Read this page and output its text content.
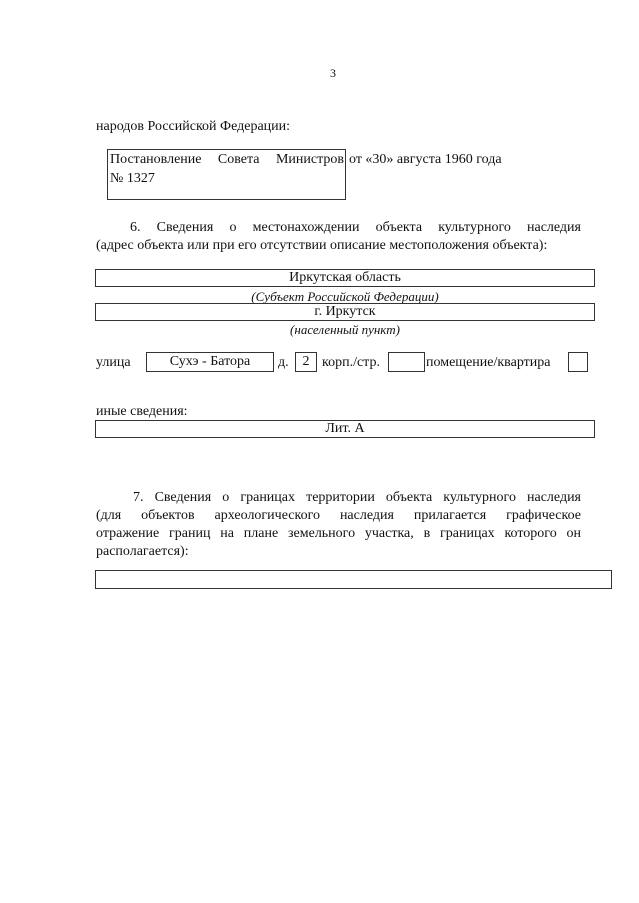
3
народов Российской Федерации:
Постановление Совета Министров
№ 1327
от «30» августа 1960 года
6. Сведения о местонахождении объекта культурного наследия
(адрес объекта или при его отсутствии описание местоположения объекта):
Иркутская область
(Субъект Российской Федерации)
г. Иркутск
(населенный пункт)
улица	Сухэ - Батора	д. 2 корп./стр.	помещение/квартира
иные сведения:
Лит. А
7. Сведения о границах территории объекта культурного наследия
(для объектов археологического наследия прилагается графическое
отражение границ на плане земельного участка, в границах которого он
располагается):
